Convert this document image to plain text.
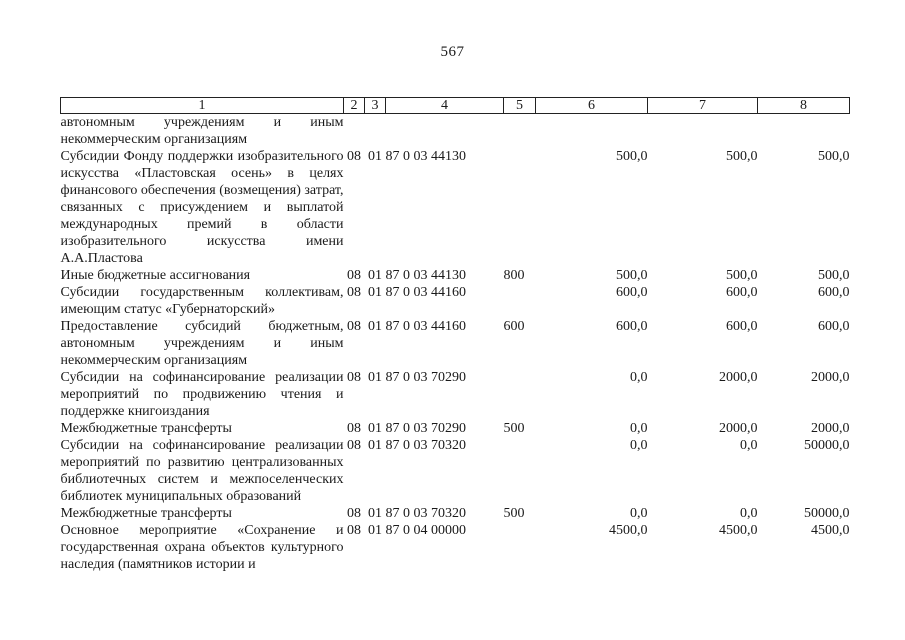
567
1	2	3	4	5	6	7	8
автономным учреждениям и иным некоммерческим организациям							
Субсидии Фонду поддержки изобразительного искусства «Пластовская осень» в целях финансового обеспечения (возмещения) затрат, связанных с присуждением и выплатой международных премий в области изобразительного искусства имени А.А.Пластова	08	01	87 0 03 44130		500,0	500,0	500,0
Иные бюджетные ассигнования	08	01	87 0 03 44130	800	500,0	500,0	500,0
Субсидии государственным коллективам, имеющим статус «Губернаторский»	08	01	87 0 03 44160		600,0	600,0	600,0
Предоставление субсидий бюджетным, автономным учреждениям и иным некоммерческим организациям	08	01	87 0 03 44160	600	600,0	600,0	600,0
Субсидии на софинансирование реализации мероприятий по продвижению чтения и поддержке книгоиздания	08	01	87 0 03 70290		0,0	2000,0	2000,0
Межбюджетные трансферты	08	01	87 0 03 70290	500	0,0	2000,0	2000,0
Субсидии на софинансирование реализации мероприятий по развитию централизованных библиотечных систем и межпоселенческих библиотек муниципальных образований	08	01	87 0 03 70320		0,0	0,0	50000,0
Межбюджетные трансферты	08	01	87 0 03 70320	500	0,0	0,0	50000,0
Основное мероприятие «Сохранение и государственная охрана объектов культурного наследия (памятников истории и	08	01	87 0 04 00000		4500,0	4500,0	4500,0
